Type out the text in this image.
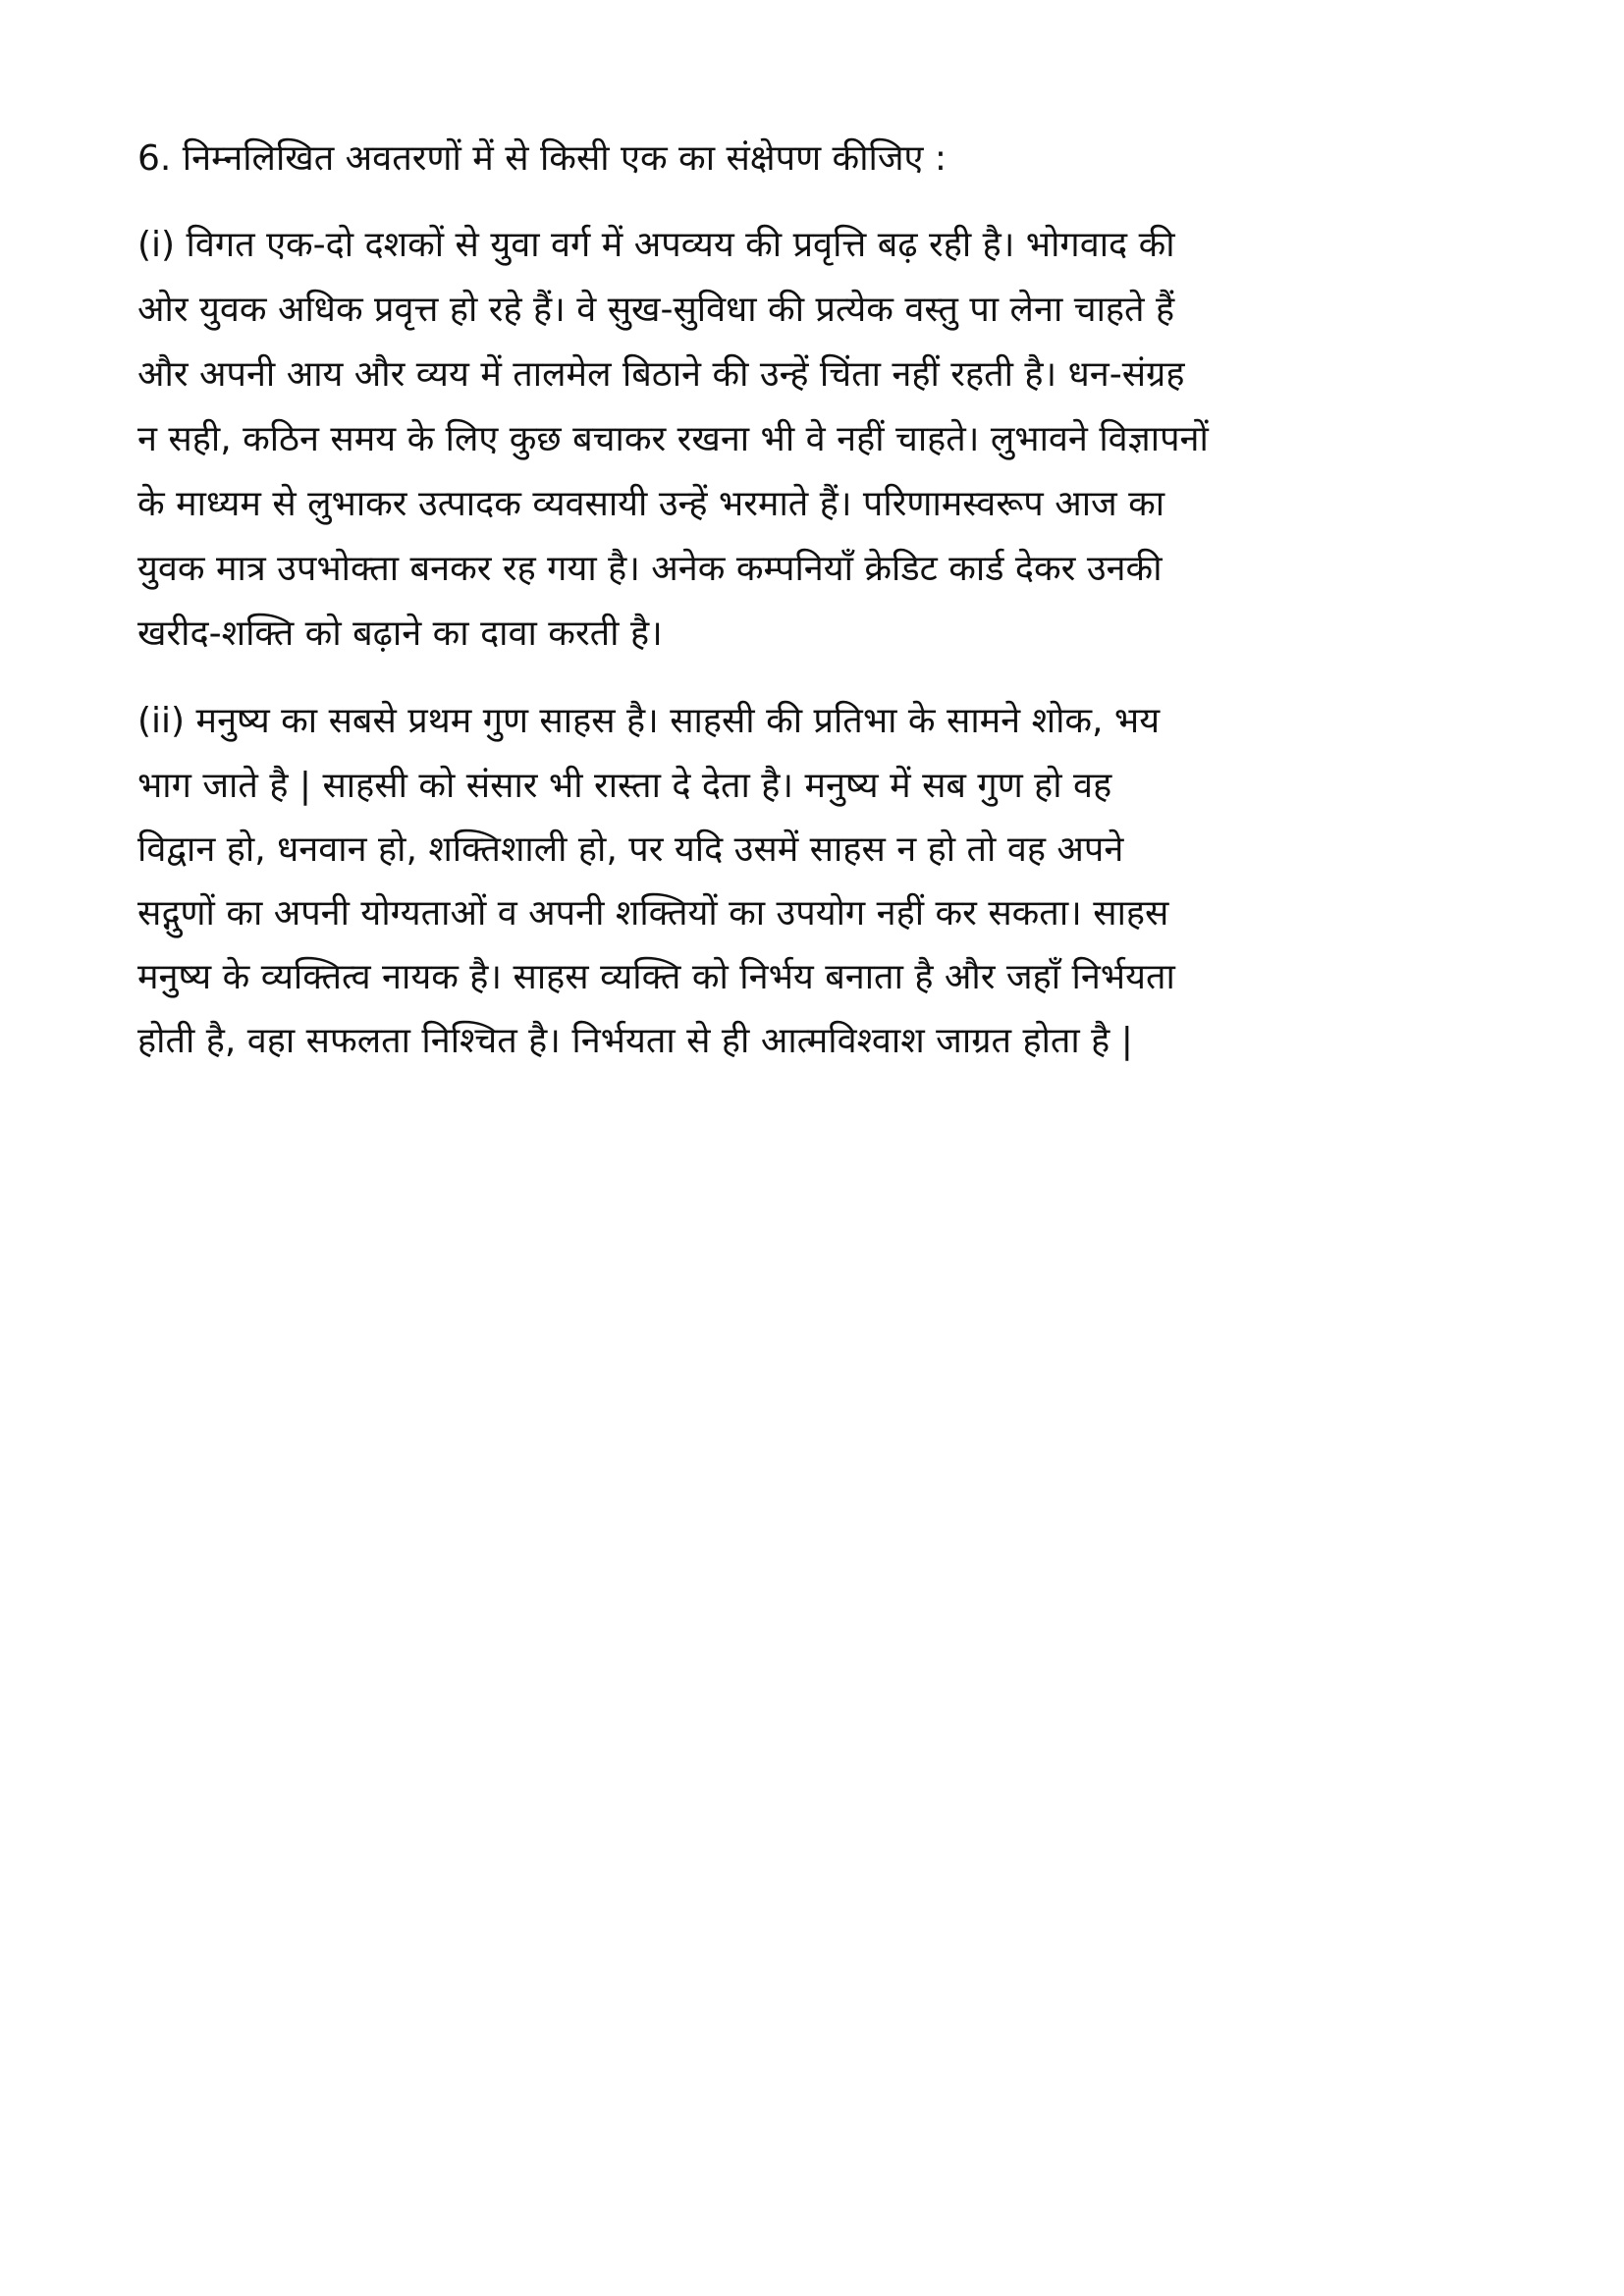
6. निम्नलिखित अवतरणों में से किसी एक का संक्षेपण कीजिए :
(i) विगत एक-दो दशकों से युवा वर्ग में अपव्यय की प्रवृत्ति बढ़ रही है। भोगवाद की
ओर युवक अधिक प्रवृत्त हो रहे हैं। वे सुख-सुविधा की प्रत्येक वस्तु पा लेना चाहते हैं
और अपनी आय और व्यय में तालमेल बिठाने की उन्हें चिंता नहीं रहती है। धन-संग्रह
न सही, कठिन समय के लिए कुछ बचाकर रखना भी वे नहीं चाहते। लुभावने विज्ञापनों
के माध्यम से लुभाकर उत्पादक व्यवसायी उन्हें भरमाते हैं। परिणामस्वरूप आज का
युवक मात्र उपभोक्ता बनकर रह गया है। अनेक कम्पनियाँ क्रेडिट कार्ड देकर उनकी
खरीद-शक्ति को बढ़ाने का दावा करती है।
(ii) मनुष्य का सबसे प्रथम गुण साहस है। साहसी की प्रतिभा के सामने शोक, भय
भाग जाते है | साहसी को संसार भी रास्ता दे देता है। मनुष्य में सब गुण हो वह
विद्वान हो, धनवान हो, शक्तिशाली हो, पर यदि उसमें साहस न हो तो वह अपने
सद्गुणों का अपनी योग्यताओं व अपनी शक्तियों का उपयोग नहीं कर सकता। साहस
मनुष्य के व्यक्तित्व नायक है। साहस व्यक्ति को निर्भय बनाता है और जहाँ निर्भयता
होती है, वहा सफलता निश्चित है। निर्भयता से ही आत्मविश्वाश जाग्रत होता है |
